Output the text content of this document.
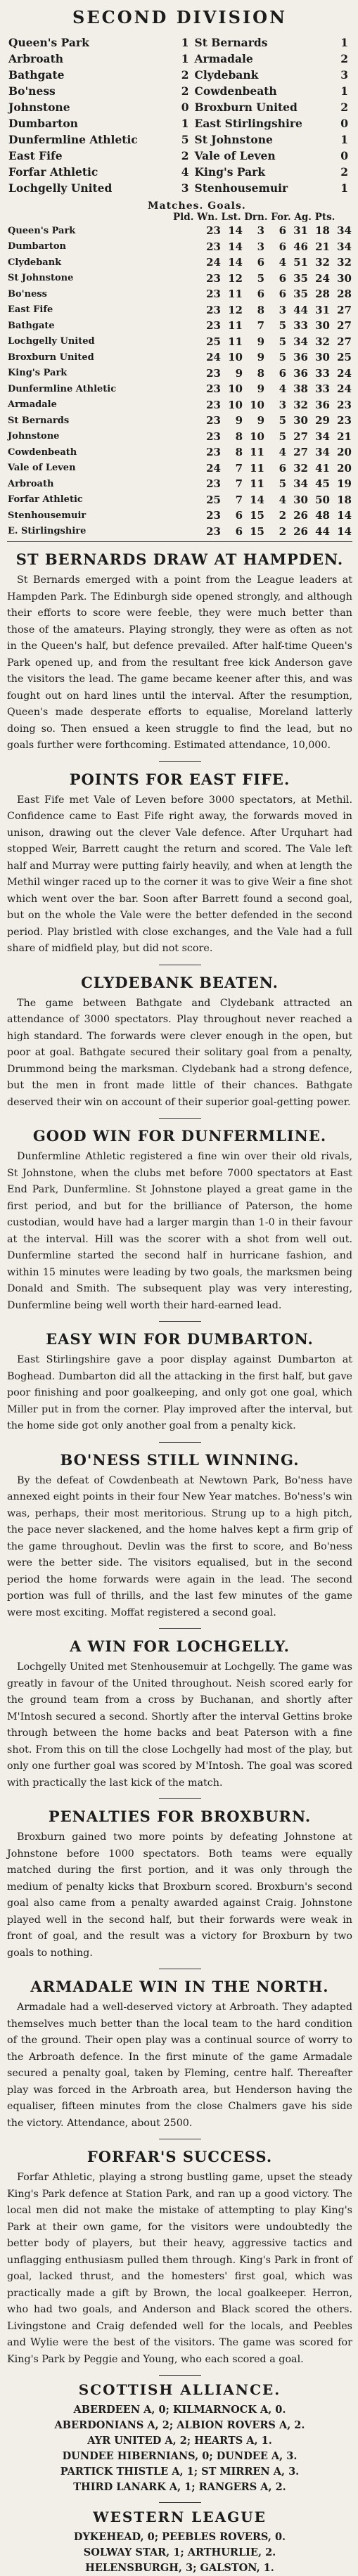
SECOND DIVISION
Queen's Park	1	St Bernards	1
Arbroath	1	Armadale	2
Bathgate	2	Clydebank	3
Bo'ness	2	Cowdenbeath	1
Johnstone	0	Broxburn United	2
Dumbarton	1	East Stirlingshire	0
Dunfermline Athletic	5	St Johnstone	1
East Fife	2	Vale of Leven	0
Forfar Athletic	4	King's Park	2
Lochgelly United	3	Stenhousemuir	1
Matches. Goals.
Pld. Wn. Lst. Drn. For. Ag. Pts.
Queen's Park	23	14	3	6	31	18	34
Dumbarton	23	14	3	6	46	21	34
Clydebank	24	14	6	4	51	32	32
St Johnstone	23	12	5	6	35	24	30
Bo'ness	23	11	6	6	35	28	28
East Fife	23	12	8	3	44	31	27
Bathgate	23	11	7	5	33	30	27
Lochgelly United	25	11	9	5	34	32	27
Broxburn United	24	10	9	5	36	30	25
King's Park	23	9	8	6	36	33	24
Dunfermline Athletic	23	10	9	4	38	33	24
Armadale	23	10	10	3	32	36	23
St Bernards	23	9	9	5	30	29	23
Johnstone	23	8	10	5	27	34	21
Cowdenbeath	23	8	11	4	27	34	20
Vale of Leven	24	7	11	6	32	41	20
Arbroath	23	7	11	5	34	45	19
Forfar Athletic	25	7	14	4	30	50	18
Stenhousemuir	23	6	15	2	26	48	14
E. Stirlingshire	23	6	15	2	26	44	14
ST BERNARDS DRAW AT HAMPDEN.

St Bernards emerged with a point from the League leaders at Hampden Park. The Edinburgh side opened strongly, and although their efforts to score were feeble, they were much better than those of the amateurs. Playing strongly, they were as often as not in the Queen's half, but defence prevailed. After half-time Queen's Park opened up, and from the resultant free kick Anderson gave the visitors the lead. The game became keener after this, and was fought out on hard lines until the interval. After the resumption, Queen's made desperate efforts to equalise, Moreland latterly doing so. Then ensued a keen struggle to find the lead, but no goals further were forthcoming. Estimated attendance, 10,000.

POINTS FOR EAST FIFE.

East Fife met Vale of Leven before 3000 spectators, at Methil. Confidence came to East Fife right away, the forwards moved in unison, drawing out the clever Vale defence. After Urquhart had stopped Weir, Barrett caught the return and scored. The Vale left half and Murray were putting fairly heavily, and when at length the Methil winger raced up to the corner it was to give Weir a fine shot which went over the bar. Soon after Barrett found a second goal, but on the whole the Vale were the better defended in the second period. Play bristled with close exchanges, and the Vale had a full share of midfield play, but did not score.

CLYDEBANK BEATEN.

The game between Bathgate and Clydebank attracted an attendance of 3000 spectators. Play throughout never reached a high standard. The forwards were clever enough in the open, but poor at goal. Bathgate secured their solitary goal from a penalty, Drummond being the marksman. Clydebank had a strong defence, but the men in front made little of their chances. Bathgate deserved their win on account of their superior goal-getting power.

GOOD WIN FOR DUNFERMLINE.

Dunfermline Athletic registered a fine win over their old rivals, St Johnstone, when the clubs met before 7000 spectators at East End Park, Dunfermline. St Johnstone played a great game in the first period, and but for the brilliance of Paterson, the home custodian, would have had a larger margin than 1-0 in their favour at the interval. Hill was the scorer with a shot from well out. Dunfermline started the second half in hurricane fashion, and within 15 minutes were leading by two goals, the marksmen being Donald and Smith. The subsequent play was very interesting, Dunfermline being well worth their hard-earned lead.

EASY WIN FOR DUMBARTON.

East Stirlingshire gave a poor display against Dumbarton at Boghead. Dumbarton did all the attacking in the first half, but gave poor finishing and poor goalkeeping, and only got one goal, which Miller put in from the corner. Play improved after the interval, but the home side got only another goal from a penalty kick.

BO'NESS STILL WINNING.

By the defeat of Cowdenbeath at Newtown Park, Bo'ness have annexed eight points in their four New Year matches. Bo'ness's win was, perhaps, their most meritorious. Strung up to a high pitch, the pace never slackened, and the home halves kept a firm grip of the game throughout. Devlin was the first to score, and Bo'ness were the better side. The visitors equalised, but in the second period the home forwards were again in the lead. The second portion was full of thrills, and the last few minutes of the game were most exciting. Moffat registered a second goal.

A WIN FOR LOCHGELLY.

Lochgelly United met Stenhousemuir at Lochgelly. The game was greatly in favour of the United throughout. Neish scored early for the ground team from a cross by Buchanan, and shortly after M'Intosh secured a second. Shortly after the interval Gettins broke through between the home backs and beat Paterson with a fine shot. From this on till the close Lochgelly had most of the play, but only one further goal was scored by M'Intosh. The goal was scored with practically the last kick of the match.

PENALTIES FOR BROXBURN.

Broxburn gained two more points by defeating Johnstone at Johnstone before 1000 spectators. Both teams were equally matched during the first portion, and it was only through the medium of penalty kicks that Broxburn scored. Broxburn's second goal also came from a penalty awarded against Craig. Johnstone played well in the second half, but their forwards were weak in front of goal, and the result was a victory for Broxburn by two goals to nothing.

ARMADALE WIN IN THE NORTH.

Armadale had a well-deserved victory at Arbroath. They adapted themselves much better than the local team to the hard condition of the ground. Their open play was a continual source of worry to the Arbroath defence. In the first minute of the game Armadale secured a penalty goal, taken by Fleming, centre half. Thereafter play was forced in the Arbroath area, but Henderson having the equaliser, fifteen minutes from the close Chalmers gave his side the victory. Attendance, about 2500.

FORFAR'S SUCCESS.

Forfar Athletic, playing a strong bustling game, upset the steady King's Park defence at Station Park, and ran up a good victory. The local men did not make the mistake of attempting to play King's Park at their own game, for the visitors were undoubtedly the better body of players, but their heavy, aggressive tactics and unflagging enthusiasm pulled them through. King's Park in front of goal, lacked thrust, and the homesters' first goal, which was practically made a gift by Brown, the local goalkeeper. Herron, who had two goals, and Anderson and Black scored the others. Livingstone and Craig defended well for the locals, and Peebles and Wylie were the best of the visitors. The game was scored for King's Park by Peggie and Young, who each scored a goal.

SCOTTISH ALLIANCE.
ABERDEEN A, 0; KILMARNOCK A, 0.
ABERDONIANS A, 2; ALBION ROVERS A, 2.
AYR UNITED A, 2; HEARTS A, 1.
DUNDEE HIBERNIANS, 0; DUNDEE A, 3.
PARTICK THISTLE A, 1; ST MIRREN A, 3.
THIRD LANARK A, 1; RANGERS A, 2.
WESTERN LEAGUE
DYKEHEAD, 0; PEEBLES ROVERS, 0.
SOLWAY STAR, 1; ARTHURLIE, 2.
HELENSBURGH, 3; GALSTON, 1.
